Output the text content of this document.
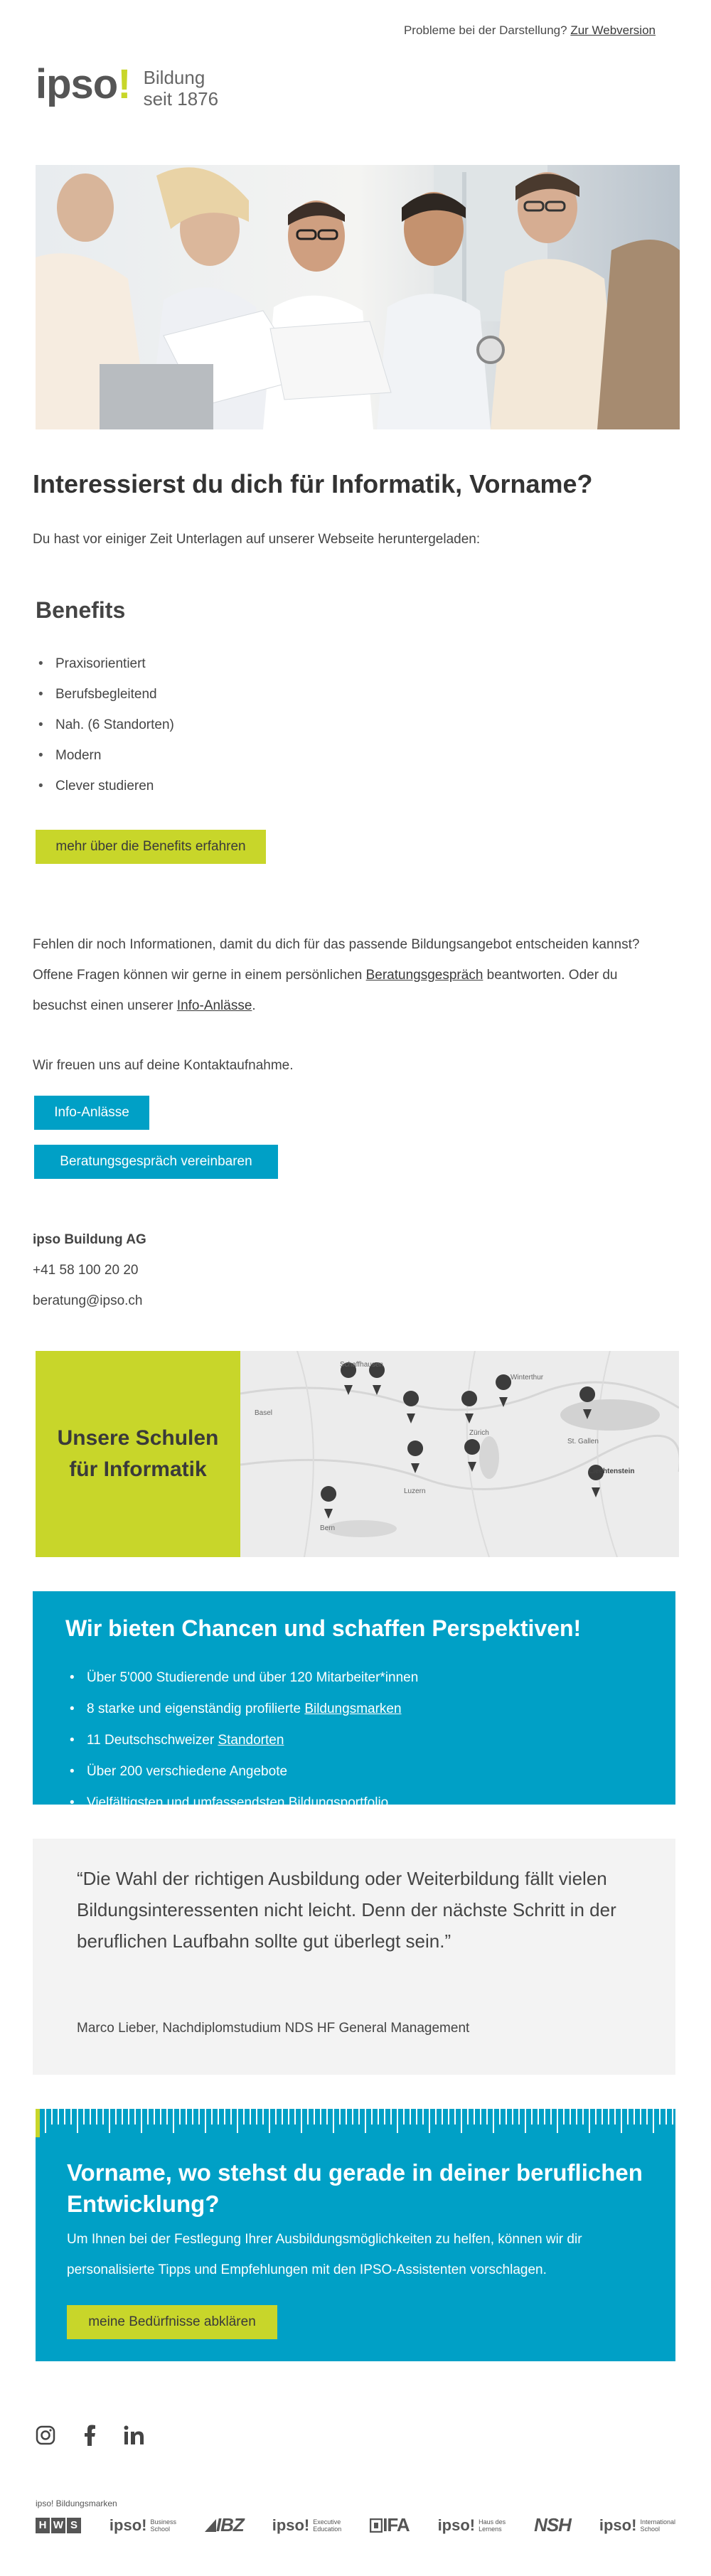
Probleme bei der Darstellung? Zur Webversion
ipso! Bildung
seit 1876
Interessierst du dich für Informatik, Vorname?
Du hast vor einiger Zeit Unterlagen auf unserer Webseite heruntergeladen:
Benefits
• Praxisorientiert
• Berufsbegleitend
• Nah. (6 Standorten)
• Modern
• Clever studieren
mehr über die Benefits erfahren
Fehlen dir noch Informationen, damit du dich für das passende Bildungsangebot entscheiden kannst? Offene Fragen können wir gerne in einem persönlichen Beratungsgespräch beantworten. Oder du besuchst einen unserer Info-Anlässe.
Wir freuen uns auf deine Kontaktaufnahme.
Info-Anlässe
Beratungsgespräch vereinbaren
ipso Buildung AG
+41 58 100 20 20
beratung@ipso.ch
Unsere Schulen
für Informatik
Zürich
Bern
Liechtenstein
Schaffhausen
Basel
Luzern
Winterthur
St. Gallen
Wir bieten Chancen und schaffen Perspektiven!
• Über 5'000 Studierende und über 120 Mitarbeiter*innen
• 8 starke und eigenständig profilierte Bildungsmarken
• 11 Deutschschweizer Standorten
• Über 200 verschiedene Angebote
• Vielfältigsten und umfassendsten Bildungsportfolio
“Die Wahl der richtigen Ausbildung oder Weiterbildung fällt vielen Bildungsinteressenten nicht leicht. Denn der nächste Schritt in der beruflichen Laufbahn sollte gut überlegt sein.”
Marco Lieber, Nachdiplomstudium NDS HF General Management
Vorname, wo stehst du gerade in deiner beruflichen Entwicklung?
Um Ihnen bei der Festlegung Ihrer Ausbildungsmöglichkeiten zu helfen, können wir dir personalisierte Tipps und Empfehlungen mit den IPSO-Assistenten vorschlagen.
meine Bedürfnisse abklären
ipso! Bildungsmarken
H W S ipso! Business
School	IBZ ipso! Executive
Education IFA ipso! Haus des
Lernens NSH ipso! International
School
